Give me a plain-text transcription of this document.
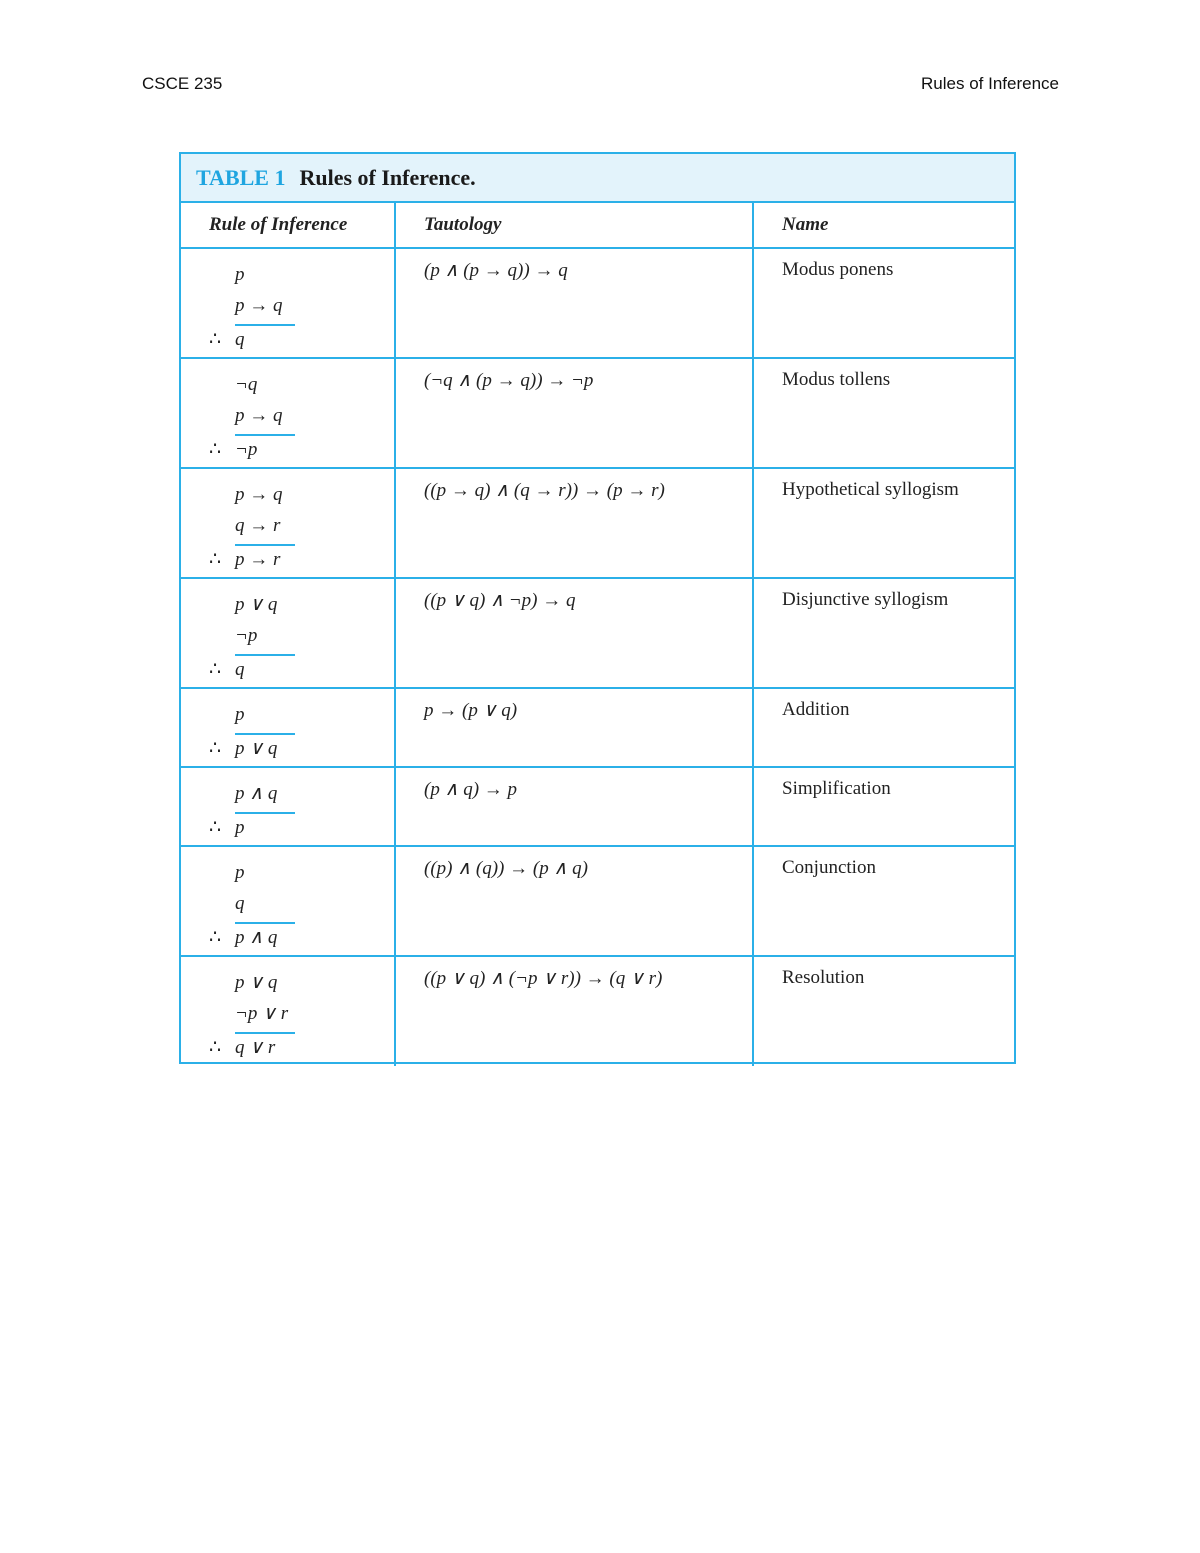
CSCE 235	Rules of Inference
TABLE 1 Rules of Inference.
Rule of Inference	Tautology	Name

p
p → q
∴ q	(p ∧ (p → q)) → q	Modus ponens

¬q
p → q
∴ ¬p	(¬q ∧ (p → q)) → ¬p	Modus tollens

p → q
q → r
∴ p → r	((p → q) ∧ (q → r)) → (p → r)	Hypothetical syllogism

p ∨ q
¬p
∴ q	((p ∨ q) ∧ ¬p) → q	Disjunctive syllogism

p
∴ p ∨ q	p → (p ∨ q)	Addition

p ∧ q
∴ p	(p ∧ q) → p	Simplification

p
q
∴ p ∧ q	((p) ∧ (q)) → (p ∧ q)	Conjunction

p ∨ q
¬p ∨ r
∴ q ∨ r	((p ∨ q) ∧ (¬p ∨ r)) → (q ∨ r)	Resolution
